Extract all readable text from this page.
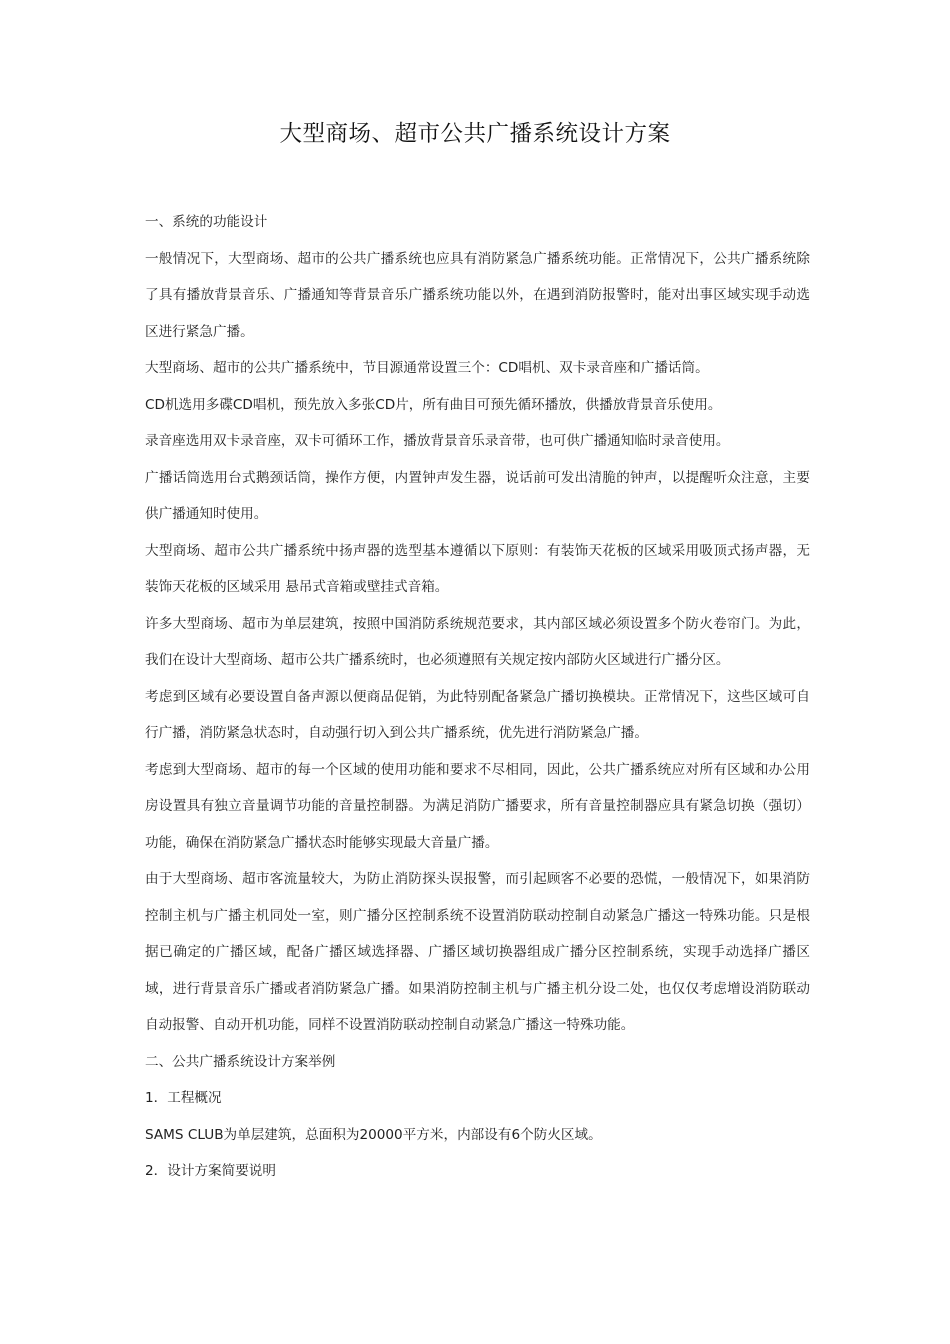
大型商场、超市公共广播系统设计方案

一、系统的功能设计

一般情况下，大型商场、超市的公共广播系统也应具有消防紧急广播系统功能。正常情况下，公共广播系统除了具有播放背景音乐、广播通知等背景音乐广播系统功能以外，在遇到消防报警时，能对出事区域实现手动选区进行紧急广播。

大型商场、超市的公共广播系统中，节目源通常设置三个：CD唱机、双卡录音座和广播话筒。

CD机选用多碟CD唱机，预先放入多张CD片，所有曲目可预先循环播放，供播放背景音乐使用。

录音座选用双卡录音座，双卡可循环工作，播放背景音乐录音带，也可供广播通知临时录音使用。

广播话筒选用台式鹅颈话筒，操作方便，内置钟声发生器，说话前可发出清脆的钟声，以提醒听众注意，主要供广播通知时使用。

大型商场、超市公共广播系统中扬声器的选型基本遵循以下原则：有装饰天花板的区域采用吸顶式扬声器，无装饰天花板的区域采用 悬吊式音箱或壁挂式音箱。

许多大型商场、超市为单层建筑，按照中国消防系统规范要求，其内部区域必须设置多个防火卷帘门。为此，我们在设计大型商场、超市公共广播系统时，也必须遵照有关规定按内部防火区域进行广播分区。

考虑到区域有必要设置自备声源以便商品促销，为此特别配备紧急广播切换模块。正常情况下，这些区域可自行广播，消防紧急状态时，自动强行切入到公共广播系统，优先进行消防紧急广播。

考虑到大型商场、超市的每一个区域的使用功能和要求不尽相同，因此，公共广播系统应对所有区域和办公用房设置具有独立音量调节功能的音量控制器。为满足消防广播要求，所有音量控制器应具有紧急切换（强切）功能，确保在消防紧急广播状态时能够实现最大音量广播。

由于大型商场、超市客流量较大，为防止消防探头误报警，而引起顾客不必要的恐慌，一般情况下，如果消防控制主机与广播主机同处一室，则广播分区控制系统不设置消防联动控制自动紧急广播这一特殊功能。只是根据已确定的广播区域，配备广播区域选择器、广播区域切换器组成广播分区控制系统，实现手动选择广播区域，进行背景音乐广播或者消防紧急广播。如果消防控制主机与广播主机分设二处，也仅仅考虑增设消防联动自动报警、自动开机功能，同样不设置消防联动控制自动紧急广播这一特殊功能。

二、公共广播系统设计方案举例

1．工程概况

SAMS CLUB为单层建筑，总面积为20000平方米，内部设有6个防火区域。

2．设计方案简要说明
